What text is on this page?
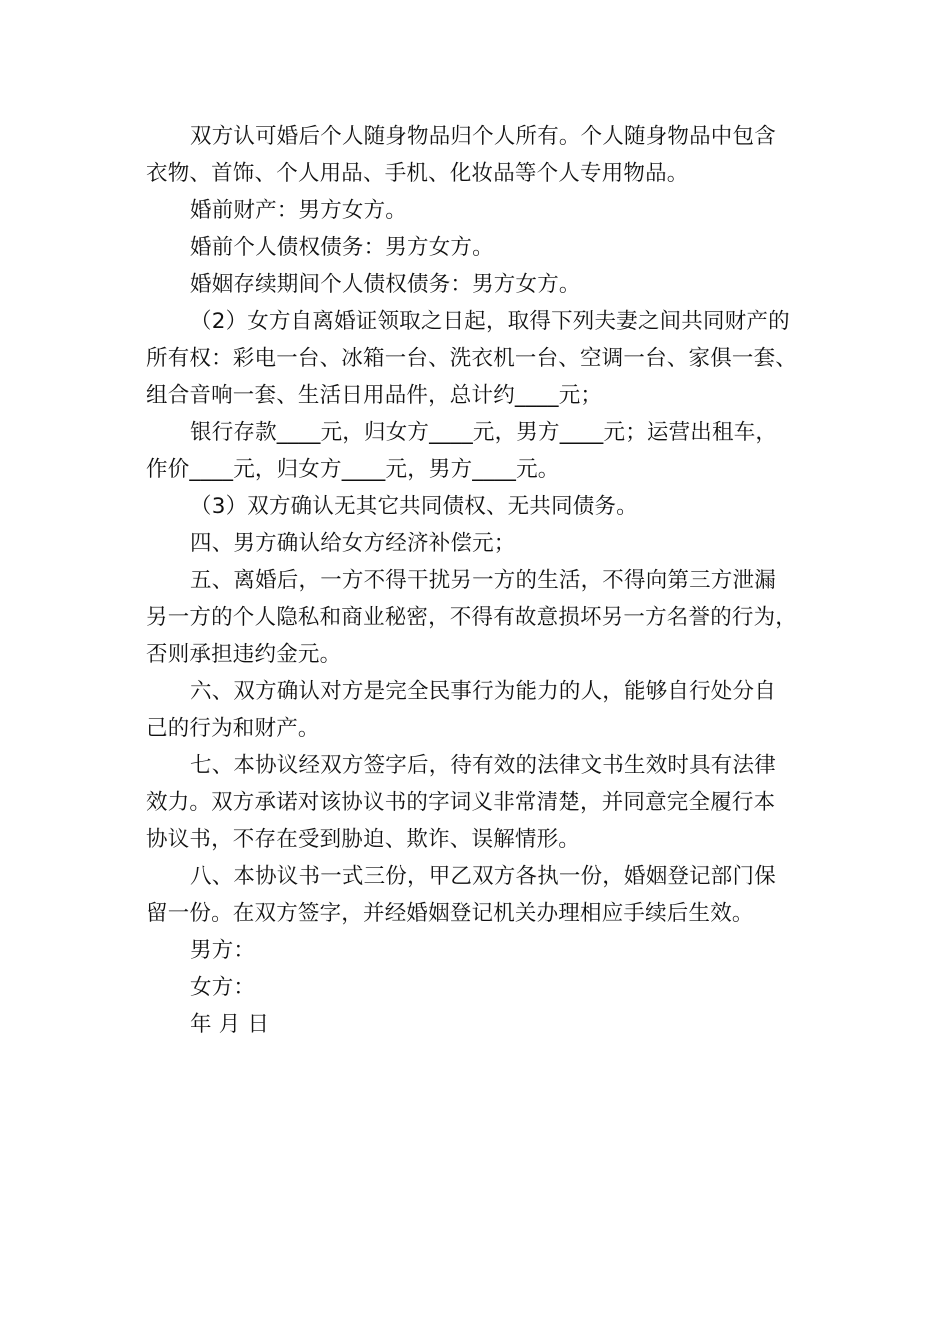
双方认可婚后个人随身物品归个人所有。个人随身物品中包含
衣物、首饰、个人用品、手机、化妆品等个人专用物品。
婚前财产：男方女方。
婚前个人债权债务：男方女方。
婚姻存续期间个人债权债务：男方女方。
（2）女方自离婚证领取之日起，取得下列夫妻之间共同财产的
所有权：彩电一台、冰箱一台、洗衣机一台、空调一台、家俱一套、
组合音响一套、生活日用品件，总计约____元；
银行存款____元，归女方____元，男方____元；运营出租车，
作价____元，归女方____元，男方____元。
（3）双方确认无其它共同债权、无共同债务。
四、男方确认给女方经济补偿元；
五、离婚后，一方不得干扰另一方的生活，不得向第三方泄漏
另一方的个人隐私和商业秘密，不得有故意损坏另一方名誉的行为，
否则承担违约金元。
六、双方确认对方是完全民事行为能力的人，能够自行处分自
己的行为和财产。
七、本协议经双方签字后，待有效的法律文书生效时具有法律
效力。双方承诺对该协议书的字词义非常清楚，并同意完全履行本
协议书，不存在受到胁迫、欺诈、误解情形。
八、本协议书一式三份，甲乙双方各执一份，婚姻登记部门保
留一份。在双方签字，并经婚姻登记机关办理相应手续后生效。
男方：
女方：
年 月 日
